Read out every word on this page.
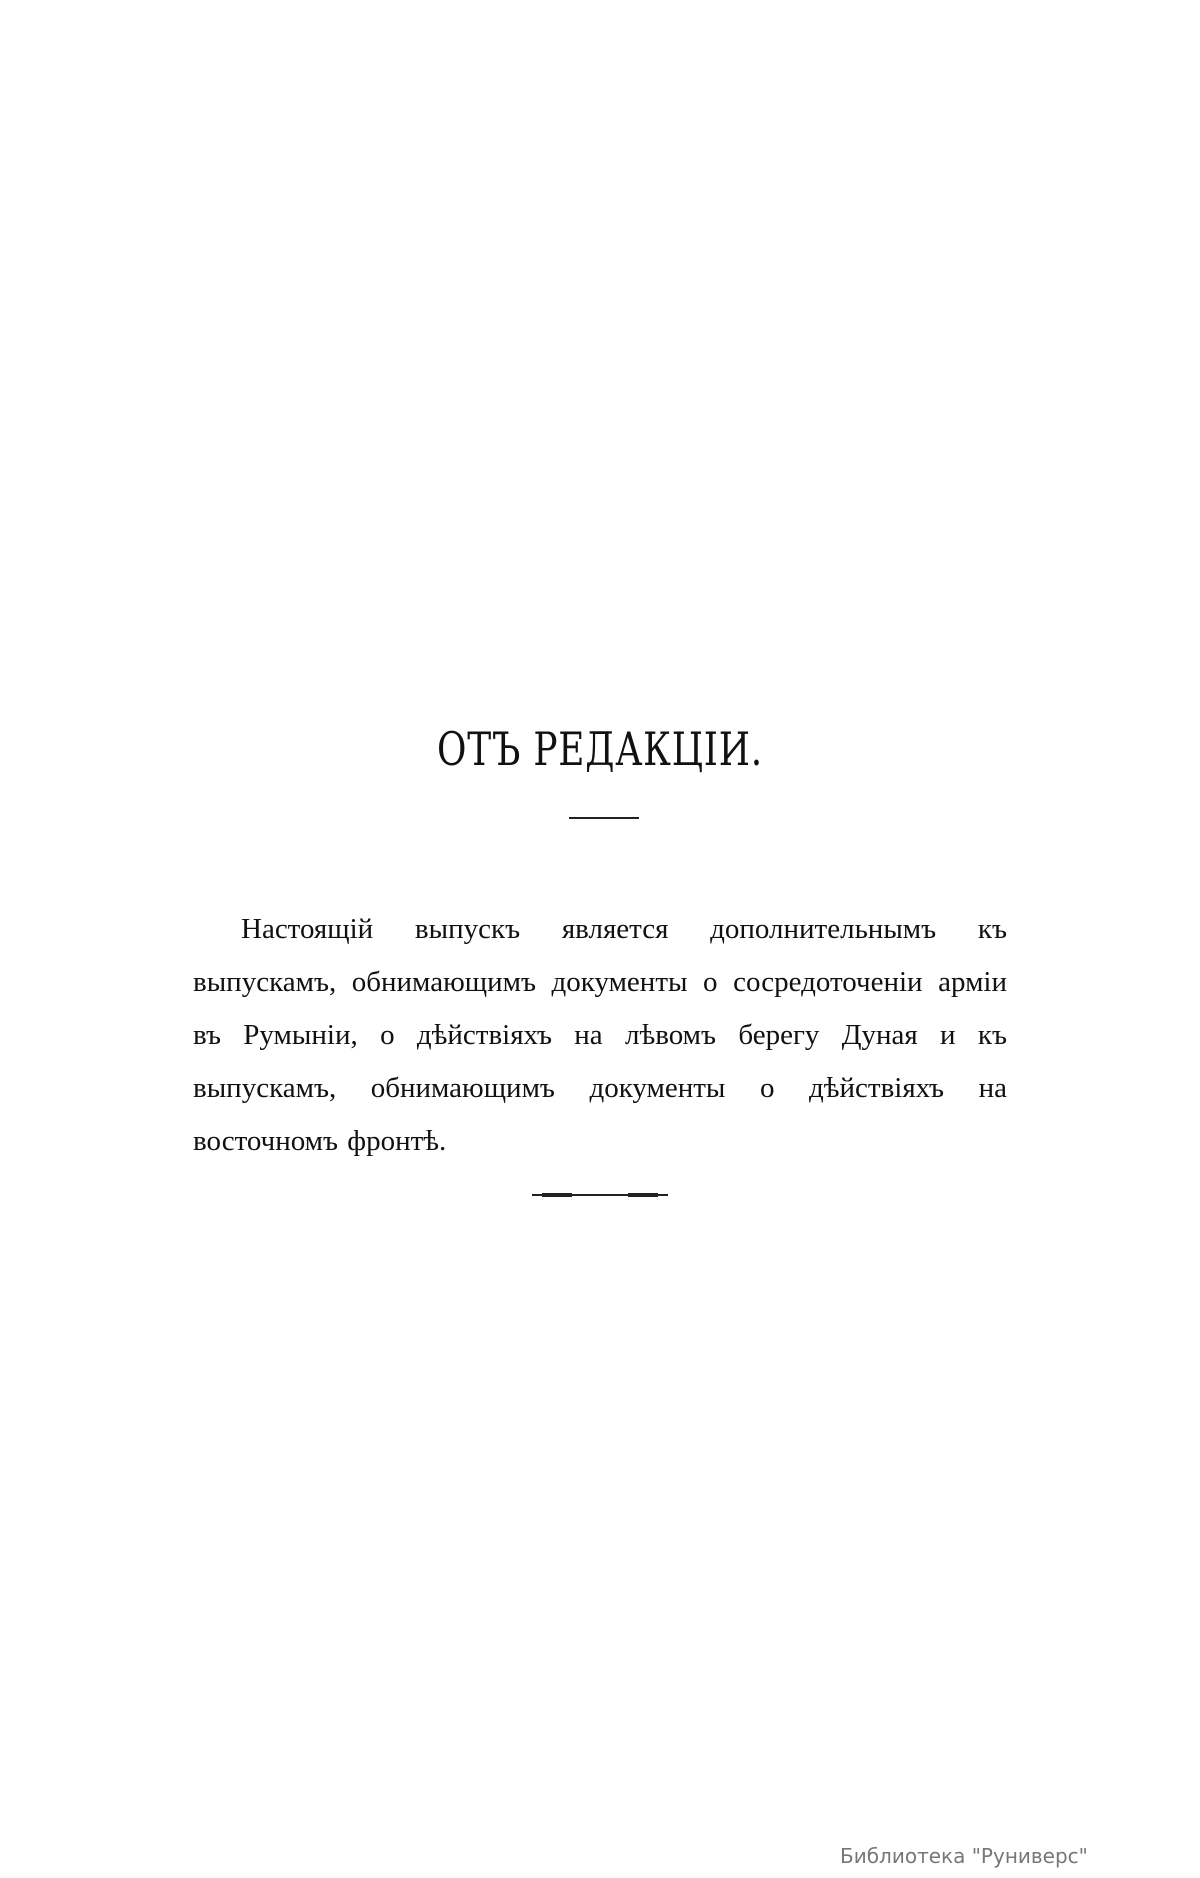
ОТЪ РЕДАКЦІИ.

Настоящій выпускъ является дополнительнымъ къ выпускамъ, обнимающимъ документы о сосредоточеніи арміи въ Румыніи, о дѣйствіяхъ на лѣвомъ берегу Дуная и къ выпускамъ, обнимающимъ документы о дѣйствіяхъ на восточномъ фронтѣ.

Библиотека "Руниверс"
